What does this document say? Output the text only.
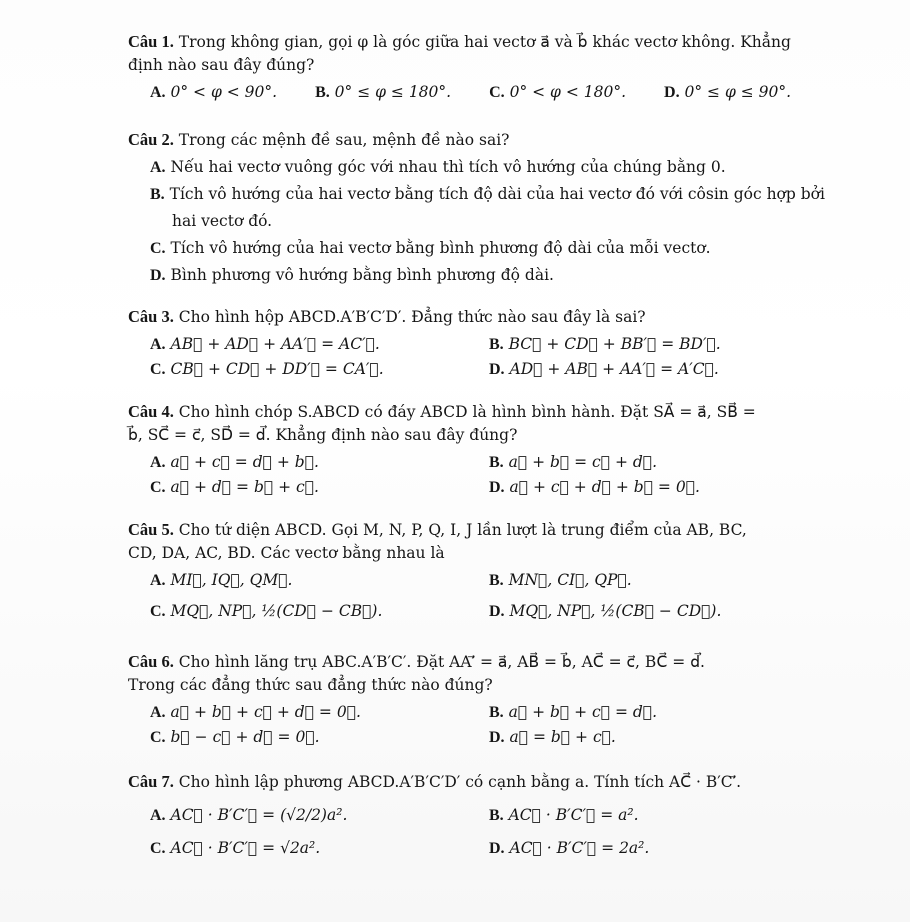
Câu 1. Trong không gian, gọi φ là góc giữa hai vectơ a⃗ và b⃗ khác vectơ không. Khẳng
định nào sau đây đúng?
A. 0° < φ < 90°. B. 0° ≤ φ ≤ 180°. C. 0° < φ < 180°. D. 0° ≤ φ ≤ 90°.
Câu 2. Trong các mệnh đề sau, mệnh đề nào sai?
A. Nếu hai vectơ vuông góc với nhau thì tích vô hướng của chúng bằng 0.
B. Tích vô hướng của hai vectơ bằng tích độ dài của hai vectơ đó với côsin góc hợp bởi
hai vectơ đó.
C. Tích vô hướng của hai vectơ bằng bình phương độ dài của mỗi vectơ.
D. Bình phương vô hướng bằng bình phương độ dài.
Câu 3. Cho hình hộp ABCD.A′B′C′D′. Đẳng thức nào sau đây là sai?
A. AB⃗ + AD⃗ + AA′⃗ = AC′⃗.	B. BC⃗ + CD⃗ + BB′⃗ = BD′⃗.
C. CB⃗ + CD⃗ + DD′⃗ = CA′⃗.	D. AD⃗ + AB⃗ + AA′⃗ = A′C⃗.
Câu 4. Cho hình chóp S.ABCD có đáy ABCD là hình bình hành. Đặt SA⃗ = a⃗, SB⃗ =
b⃗, SC⃗ = c⃗, SD⃗ = d⃗. Khẳng định nào sau đây đúng?
A. a⃗ + c⃗ = d⃗ + b⃗.	B. a⃗ + b⃗ = c⃗ + d⃗.
C. a⃗ + d⃗ = b⃗ + c⃗.	D. a⃗ + c⃗ + d⃗ + b⃗ = 0⃗.
Câu 5. Cho tứ diện ABCD. Gọi M, N, P, Q, I, J lần lượt là trung điểm của AB, BC,
CD, DA, AC, BD. Các vectơ bằng nhau là
A. MI⃗, IQ⃗, QM⃗.	B. MN⃗, CI⃗, QP⃗.
C. MQ⃗, NP⃗, ½(CD⃗ − CB⃗).	D. MQ⃗, NP⃗, ½(CB⃗ − CD⃗).
Câu 6. Cho hình lăng trụ ABC.A′B′C′. Đặt AA′⃗ = a⃗, AB⃗ = b⃗, AC⃗ = c⃗, BC⃗ = d⃗.
Trong các đẳng thức sau đẳng thức nào đúng?
A. a⃗ + b⃗ + c⃗ + d⃗ = 0⃗.	B. a⃗ + b⃗ + c⃗ = d⃗.
C. b⃗ − c⃗ + d⃗ = 0⃗.	D. a⃗ = b⃗ + c⃗.
Câu 7. Cho hình lập phương ABCD.A′B′C′D′ có cạnh bằng a. Tính tích AC⃗ · B′C′⃗.
A. AC⃗ · B′C′⃗ = (√2/2)a².	B. AC⃗ · B′C′⃗ = a².
C. AC⃗ · B′C′⃗ = √2a².	D. AC⃗ · B′C′⃗ = 2a².
